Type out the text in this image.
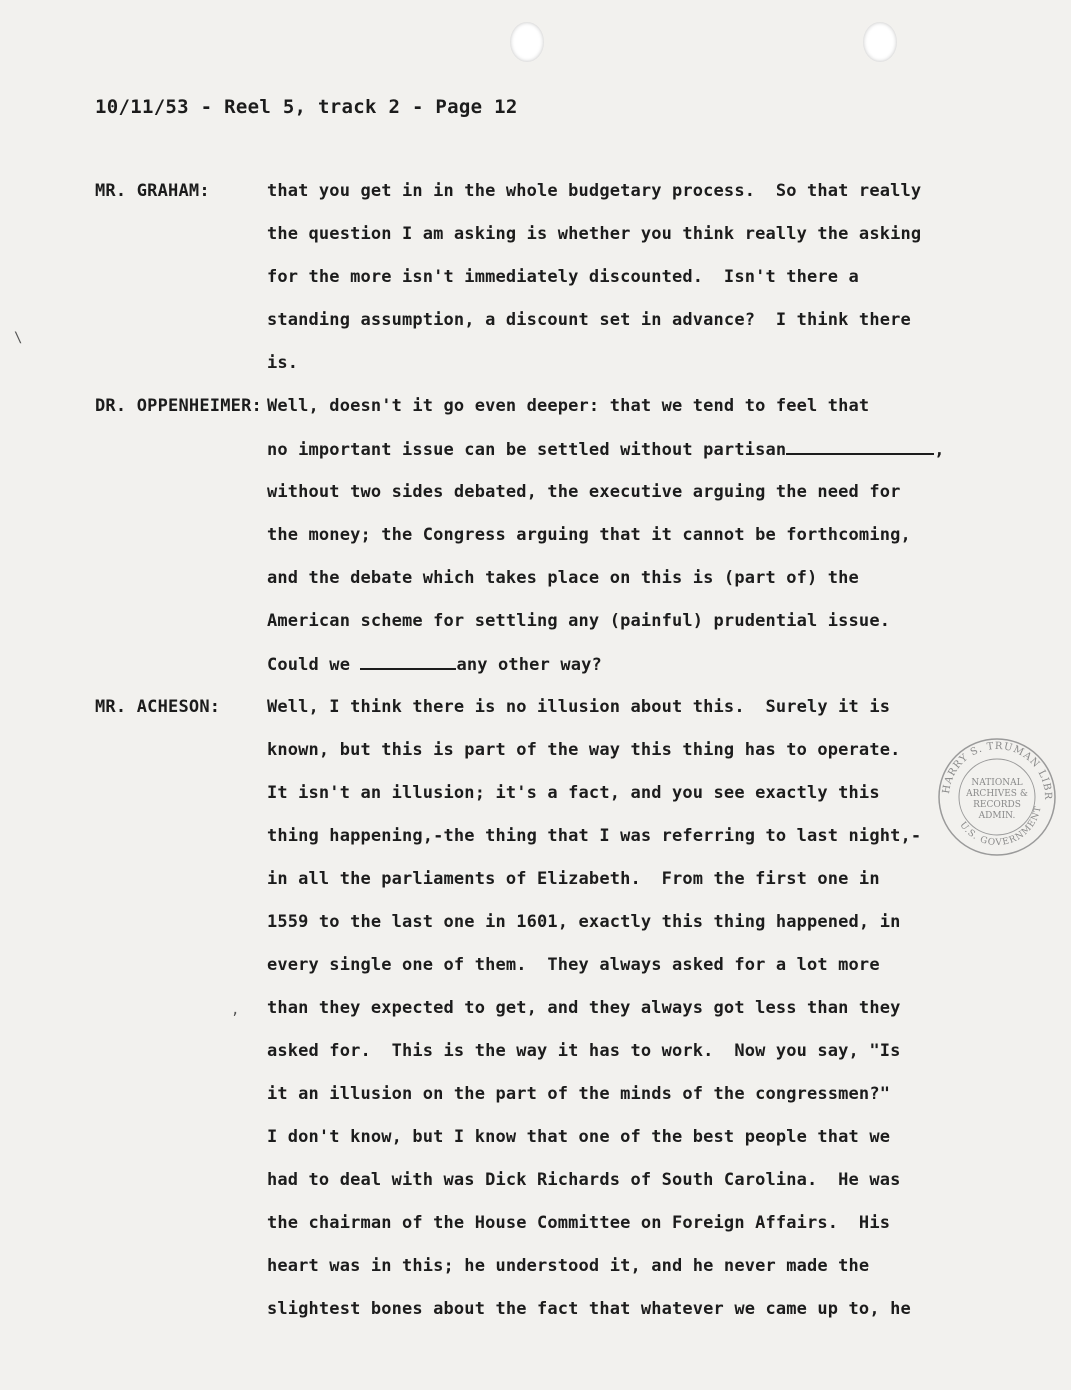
10/11/53 - Reel 5, track 2 - Page 12
MR. GRAHAM:	that you get in in the whole budgetary process.  So that really
the question I am asking is whether you think really the asking
for the more isn't immediately discounted.  Isn't there a
standing assumption, a discount set in advance?  I think there
is.
DR. OPPENHEIMER: Well, doesn't it go even deeper: that we tend to feel that
no important issue can be settled without partisan	,
without two sides debated, the executive arguing the need for
the money; the Congress arguing that it cannot be forthcoming,
and the debate which takes place on this is (part of) the
American scheme for settling any (painful) prudential issue.
Could we	any other way?
MR. ACHESON:	Well, I think there is no illusion about this.  Surely it is
known, but this is part of the way this thing has to operate.
It isn't an illusion; it's a fact, and you see exactly this
thing happening,-the thing that I was referring to last night,-
in all the parliaments of Elizabeth.  From the first one in
1559 to the last one in 1601, exactly this thing happened, in
every single one of them.  They always asked for a lot more
than they expected to get, and they always got less than they
asked for.  This is the way it has to work.  Now you say, "Is
it an illusion on the part of the minds of the congressmen?"
I don't know, but I know that one of the best people that we
had to deal with was Dick Richards of South Carolina.  He was
the chairman of the House Committee on Foreign Affairs.  His
heart was in this; he understood it, and he never made the
slightest bones about the fact that whatever we came up to, he
\
,
HARRY S. TRUMAN LIBR
U.S. GOVERNMENT
NATIONAL
ARCHIVES &
RECORDS
ADMIN.
